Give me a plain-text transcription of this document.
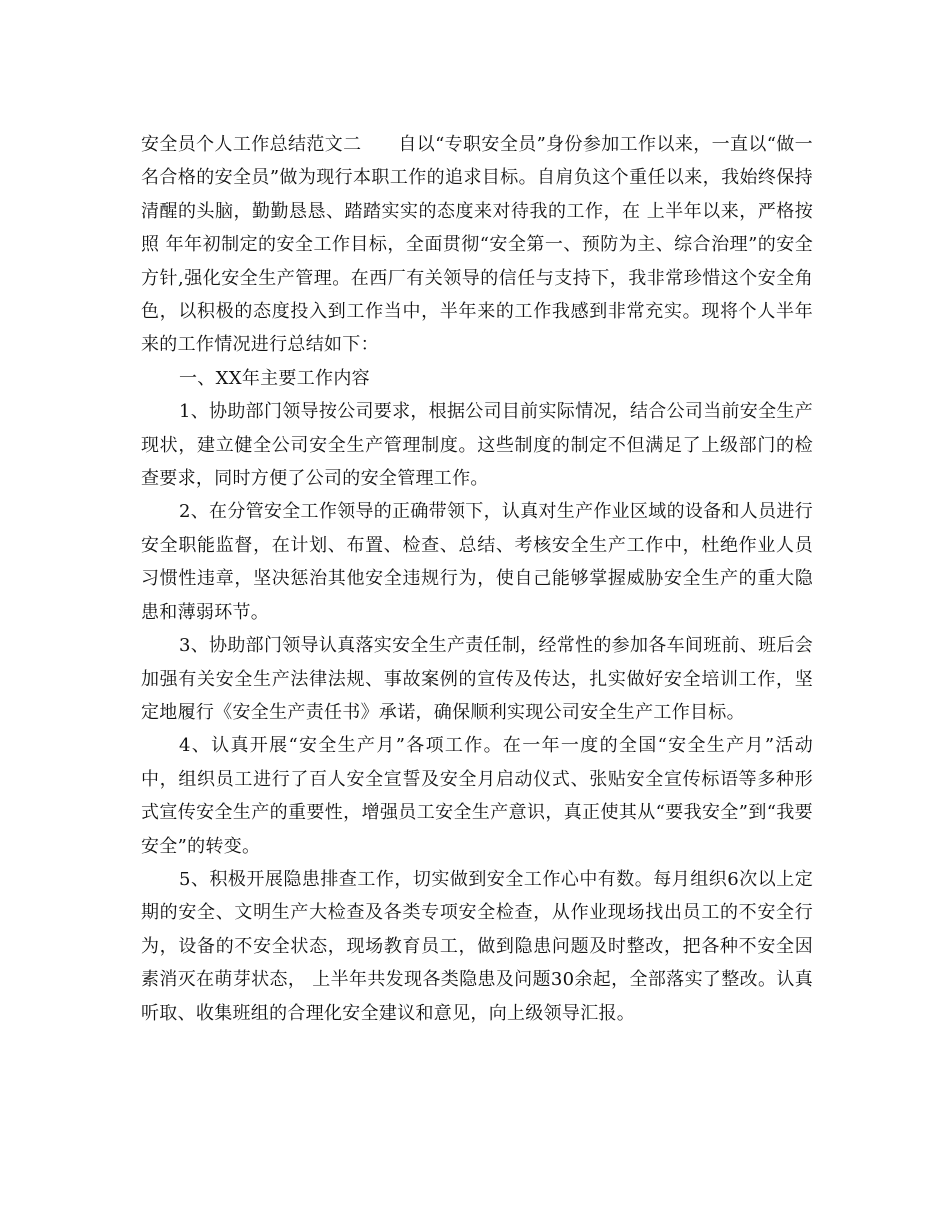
安全员个人工作总结范文二　　自以“专职安全员”身份参加工作以来，一直以“做一名合格的安全员”做为现行本职工作的追求目标。自肩负这个重任以来，我始终保持清醒的头脑，勤勤恳恳、踏踏实实的态度来对待我的工作，在 上半年以来，严格按照 年年初制定的安全工作目标，全面贯彻“安全第一、预防为主、综合治理”的安全方针,强化安全生产管理。在西厂有关领导的信任与支持下，我非常珍惜这个安全角色，以积极的态度投入到工作当中，半年来的工作我感到非常充实。现将个人半年来的工作情况进行总结如下：

一、XX年主要工作内容

1、协助部门领导按公司要求，根据公司目前实际情况，结合公司当前安全生产现状，建立健全公司安全生产管理制度。这些制度的制定不但满足了上级部门的检查要求，同时方便了公司的安全管理工作。

2、在分管安全工作领导的正确带领下，认真对生产作业区域的设备和人员进行安全职能监督，在计划、布置、检查、总结、考核安全生产工作中，杜绝作业人员习惯性违章，坚决惩治其他安全违规行为，使自己能够掌握威胁安全生产的重大隐患和薄弱环节。

3、协助部门领导认真落实安全生产责任制，经常性的参加各车间班前、班后会 加强有关安全生产法律法规、事故案例的宣传及传达，扎实做好安全培训工作，坚定地履行《安全生产责任书》承诺，确保顺利实现公司安全生产工作目标。

4、认真开展“安全生产月”各项工作。在一年一度的全国“安全生产月”活动中，组织员工进行了百人安全宣誓及安全月启动仪式、张贴安全宣传标语等多种形式宣传安全生产的重要性，增强员工安全生产意识，真正使其从“要我安全”到“我要安全”的转变。

5、积极开展隐患排查工作，切实做到安全工作心中有数。每月组织6次以上定期的安全、文明生产大检查及各类专项安全检查，从作业现场找出员工的不安全行为，设备的不安全状态，现场教育员工，做到隐患问题及时整改，把各种不安全因素消灭在萌芽状态， 上半年共发现各类隐患及问题30余起，全部落实了整改。认真听取、收集班组的合理化安全建议和意见，向上级领导汇报。
